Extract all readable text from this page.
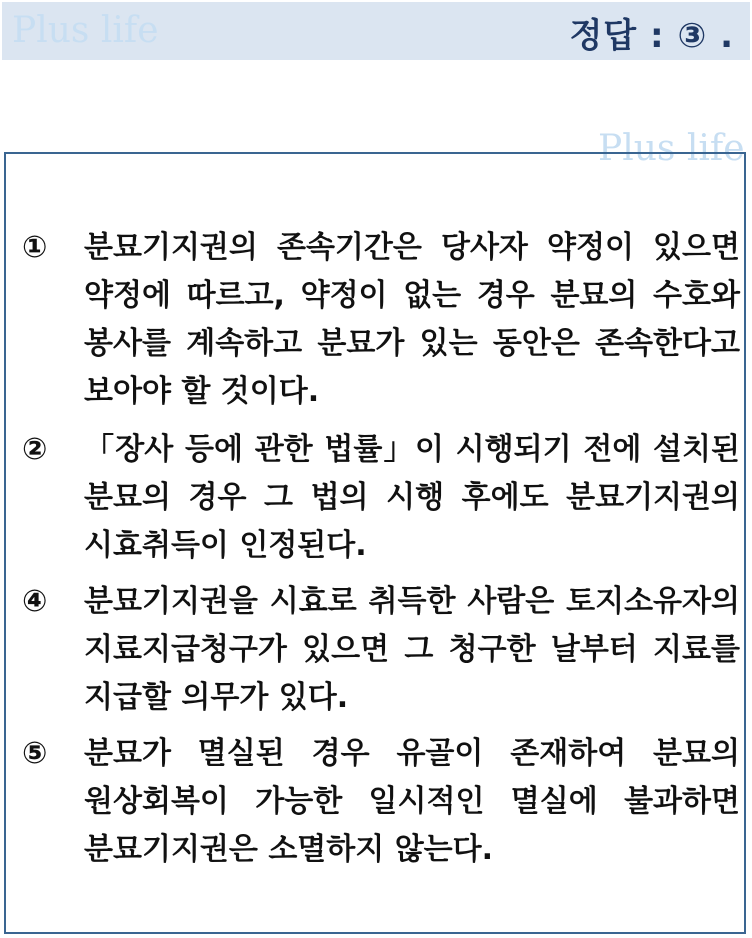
Plus life	정답 : ③ .
Plus life
①	분묘기지권의 존속기간은 당사자 약정이 있으면 약정에 따르고, 약정이 없는 경우 분묘의 수호와 봉사를 계속하고 분묘가 있는 동안은 존속한다고 보아야 할 것이다.
②	「장사 등에 관한 법률」이 시행되기 전에 설치된 분묘의 경우 그 법의 시행 후에도 분묘기지권의 시효취득이 인정된다.
④	분묘기지권을 시효로 취득한 사람은 토지소유자의 지료지급청구가 있으면 그 청구한 날부터 지료를 지급할 의무가 있다.
⑤	분묘가 멸실된 경우 유골이 존재하여 분묘의 원상회복이 가능한 일시적인 멸실에 불과하면 분묘기지권은 소멸하지 않는다.
